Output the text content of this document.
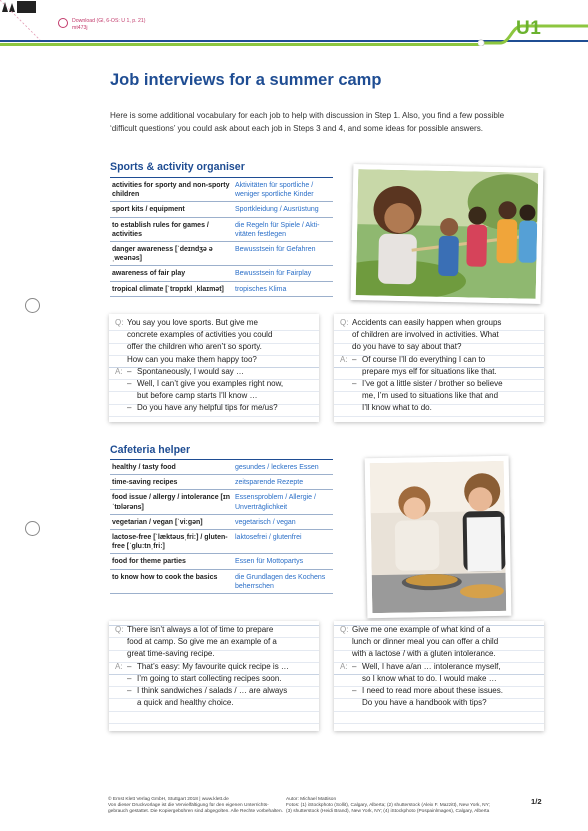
Download (Gl, 6-OS: U 1, p. 21)
mt473j	U1
Job interviews for a summer camp

Here is some additional vocabulary for each job to help with discussion in Step 1. Also, you find a few possible ‘difficult questions’ you could ask about each job in Steps 3 and 4, and some ideas for possible answers.

Sports & activity organiser
activities for sporty and non-sporty children	Aktivitäten für sportliche / weniger sportliche Kinder
sport kits / equipment	Sportkleidung / Ausrüstung
to establish rules for games / activities	die Regeln für Spiele / Akti-vitäten festlegen
danger awareness [ˈdeɪndʒə əˌweənəs]	Bewusstsein für Gefahren
awareness of fair play	Bewusstsein für Fairplay
tropical climate [ˈtrɒpɪkl ˌklaɪmət]	tropisches Klima
Q: You say you love sports. But give me
concrete examples of activities you could
offer the children who aren’t so sporty.
How can you make them happy too?
A: – Spontaneously, I would say …
– Well, I can’t give you examples right now,
but before camp starts I’ll know …
– Do you have any helpful tips for me/us?
Q: Accidents can easily happen when groups
of children are involved in activities. What
do you have to say about that?
A: – Of course I’ll do everything I can to
prepare mys elf for situations like that.
– I’ve got a little sister / brother so believe
me, I’m used to situations like that and
I’ll know what to do.
Cafeteria helper
healthy / tasty food	gesundes / leckeres Essen
time-saving recipes	zeitsparende Rezepte
food issue / allergy / intolerance [ɪnˈtɒlərəns]	Essensproblem / Allergie / Unverträglichkeit
vegetarian / vegan [ˈviːɡən]	vegetarisch / vegan
lactose-free [ˈlæktəʊsˌfriː] / gluten-free [ˈɡluːtnˌfriː]	laktosefrei / glutenfrei
food for theme parties	Essen für Mottopartys
to know how to cook the basics	die Grundlagen des Kochens beherrschen
Q: There isn’t always a lot of time to prepare
food at camp. So give me an example of a
great time-saving recipe.
A: – That’s easy: My favourite quick recipe is …
– I’m going to start collecting recipes soon.
– I think sandwiches / salads / … are always
a quick and healthy choice.
Q: Give me one example of what kind of a
lunch or dinner meal you can offer a child
with a lactose / with a gluten intolerance.
A: – Well, I have a/an … intolerance myself,
so I know what to do. I would make …
– I need to read more about these issues.
Do you have a handbook with tips?
Klett
© Ernst Klett Verlag GmbH, Stuttgart 2018 | www.klett.de
Von dieser Druckvorlage ist die Vervielfältigung für den eigenen Unterrichts-
gebrauch gestattet. Die Kopiergebühren sind abgegolten. Alle Rechte vorbehalten.
Autor: Michael Mattison
Fotos: (1) iStockphoto (Sollit), Calgary, Alberta; (2) shutterstock (Aleix F. Mazzitt), New York, NY;
(3) shutterstock (Heidi Brand), New York, NY; (4) iStockphoto (Pospainlmages), Calgary, Alberta
1/2
